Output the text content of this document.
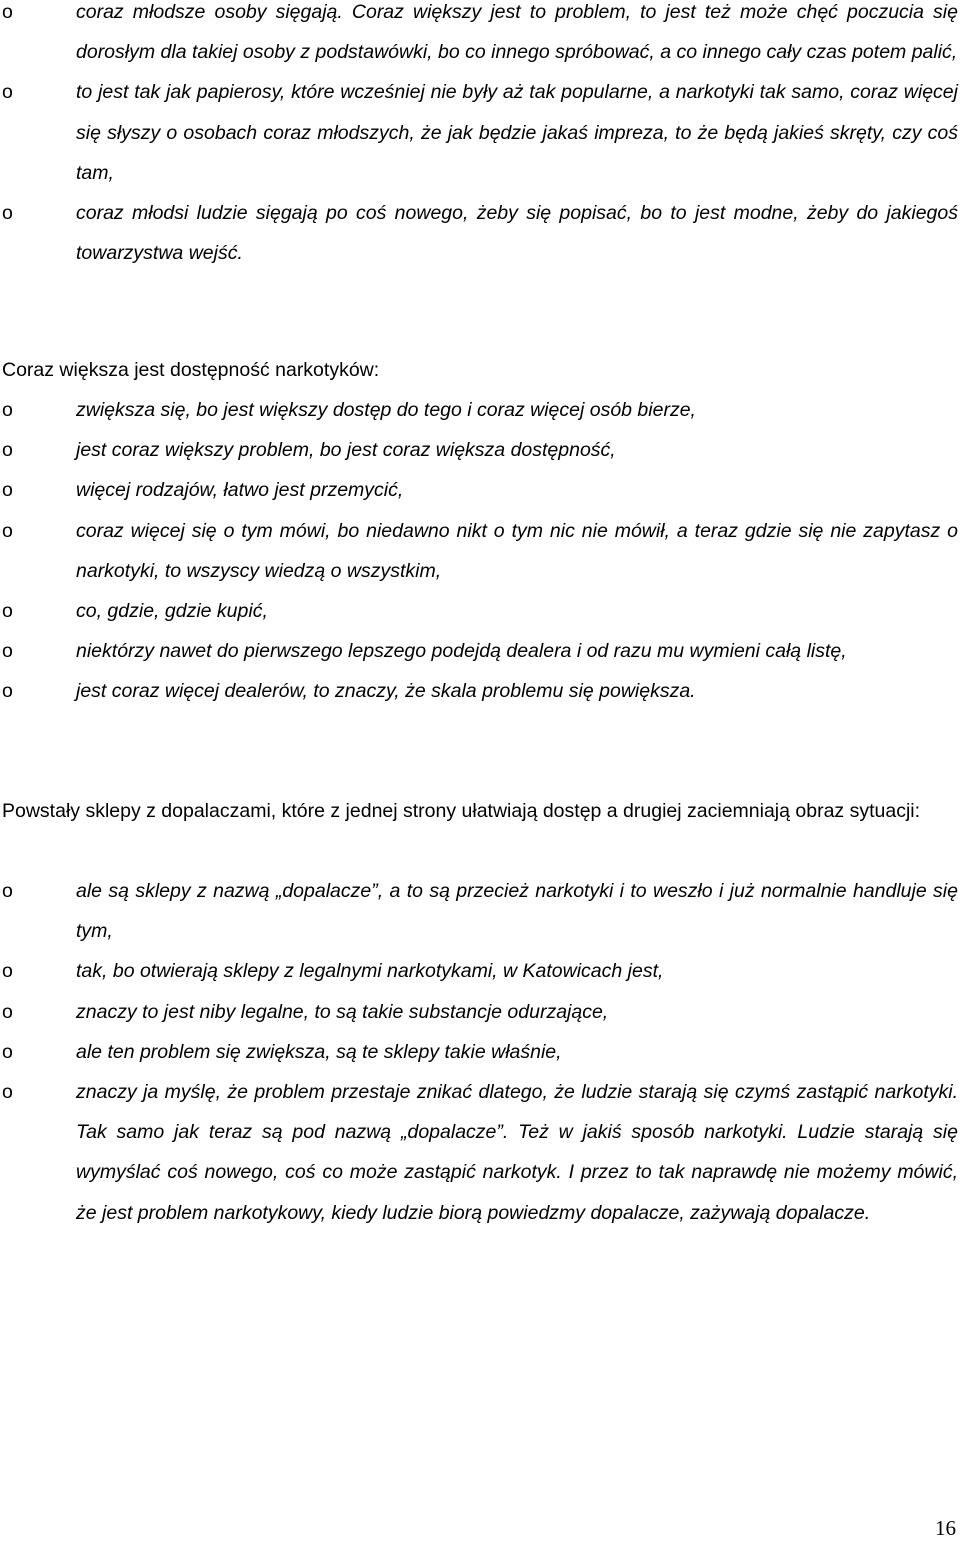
o	coraz młodsze osoby sięgają. Coraz większy jest to problem, to jest też może chęć poczucia się dorosłym dla takiej osoby z podstawówki, bo co innego spróbować, a co innego cały czas potem palić,
o	to jest tak jak papierosy, które wcześniej nie były aż tak popularne, a narkotyki tak samo, coraz więcej się słyszy o osobach coraz młodszych, że jak będzie jakaś impreza, to że będą jakieś skręty, czy coś tam,
o	coraz młodsi ludzie sięgają po coś nowego, żeby się popisać, bo to jest modne, żeby do jakiegoś towarzystwa wejść.

Coraz większa jest dostępność narkotyków:

o	zwiększa się, bo jest większy dostęp do tego i coraz więcej osób bierze,
o	jest coraz większy problem, bo jest coraz większa dostępność,
o	więcej rodzajów, łatwo jest przemycić,
o	coraz więcej się o tym mówi, bo niedawno nikt o tym nic nie mówił, a teraz gdzie się nie zapytasz o narkotyki, to wszyscy wiedzą o wszystkim,
o	co, gdzie, gdzie kupić,
o	niektórzy nawet do pierwszego lepszego podejdą dealera i od razu mu wymieni całą listę,
o	jest coraz więcej dealerów, to znaczy, że skala problemu się powiększa.

Powstały sklepy z dopalaczami, które z jednej strony ułatwiają dostęp a drugiej zaciemniają obraz sytuacji:

o	ale są sklepy z nazwą „dopalacze”, a to są przecież narkotyki i to weszło i już normalnie handluje się tym,
o	tak, bo otwierają sklepy z legalnymi narkotykami, w Katowicach jest,
o	znaczy to jest niby legalne, to są takie substancje odurzające,
o	ale ten problem się zwiększa, są te sklepy takie właśnie,
o	znaczy ja myślę, że problem przestaje znikać dlatego, że ludzie starają się czymś zastąpić narkotyki. Tak samo jak teraz są pod nazwą „dopalacze”. Też w jakiś sposób narkotyki. Ludzie starają się wymyślać coś nowego, coś co może zastąpić narkotyk. I przez to tak naprawdę nie możemy mówić, że jest problem narkotykowy, kiedy ludzie biorą powiedzmy dopalacze, zażywają dopalacze.
16
